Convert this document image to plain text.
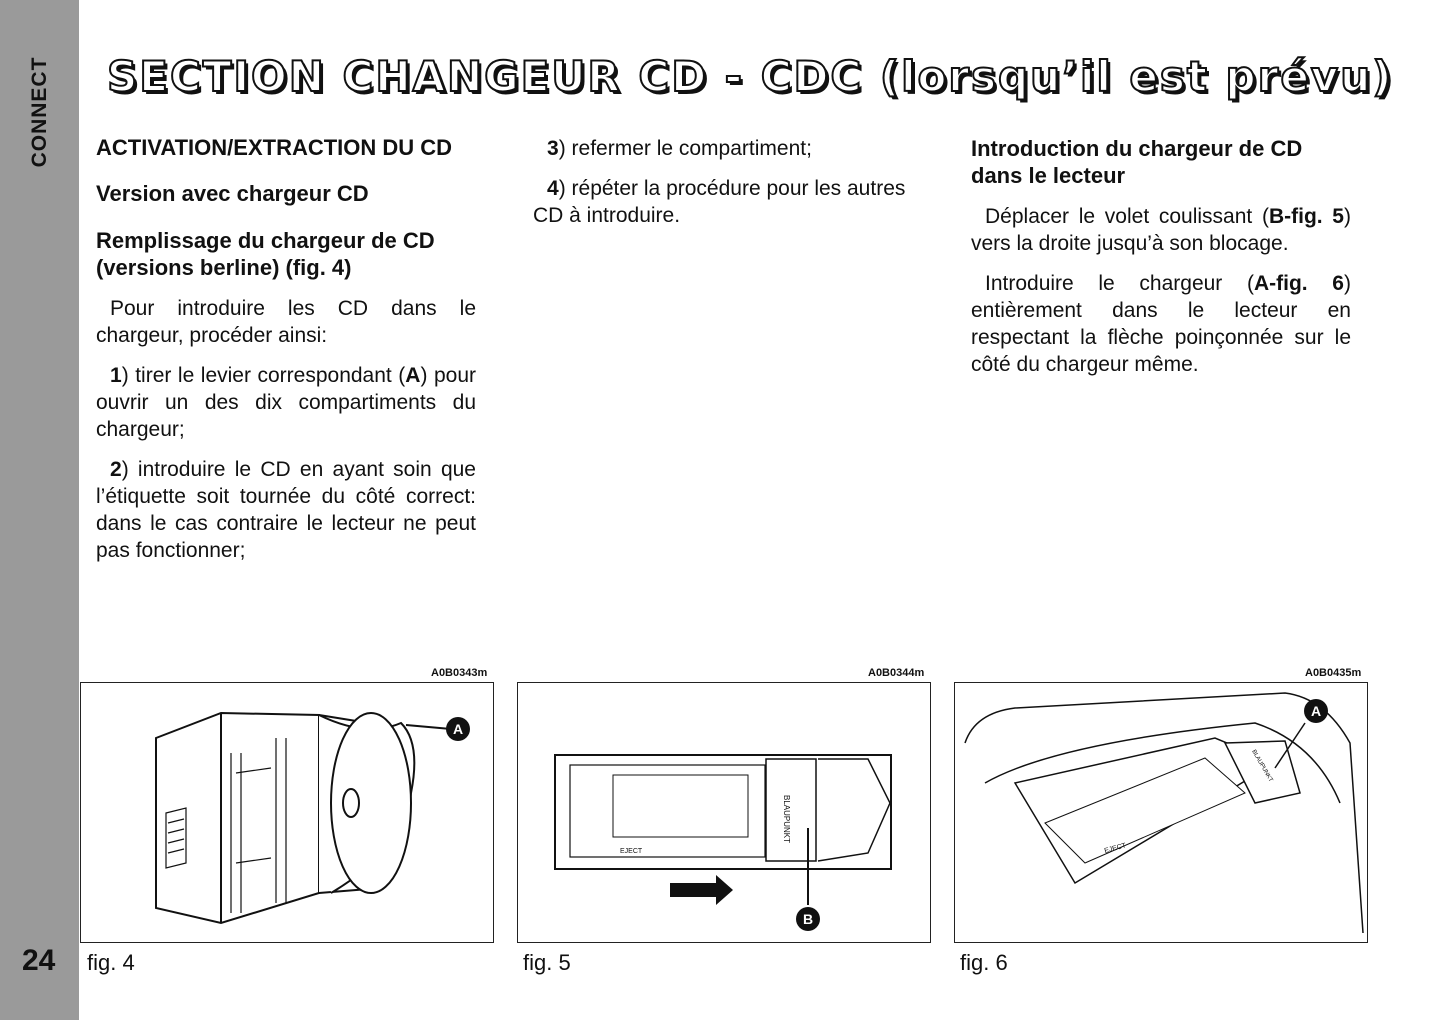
CONNECT
24
SECTION CHANGEUR CD - CDC (lorsqu’il est prévu)
ACTIVATION/EXTRACTION DU CD
Version avec chargeur CD
Remplissage du chargeur de CD (versions berline) (fig. 4)

Pour introduire les CD dans le chargeur, procéder ainsi:

1) tirer le levier correspondant (A) pour ouvrir un des dix compartiments du chargeur;

2) introduire le CD en ayant soin que l’étiquette soit tournée du côté correct: dans le cas contraire le lecteur ne peut pas fonctionner;

3) refermer le compartiment;

4) répéter la procédure pour les autres CD à introduire.

Introduction du chargeur de CD dans le lecteur

Déplacer le volet coulissant (B-fig. 5) vers la droite jusqu’à son blocage.

Introduire le chargeur (A-fig. 6) entièrement dans le lecteur en respectant la flèche poinçonnée sur le côté du chargeur même.

A0B0343m	A0B0344m	A0B0435m
A
fig. 4
BLAUPUNKT
EJECT
B
fig. 5
BLAUPUNKT
EJECT
A
fig. 6
